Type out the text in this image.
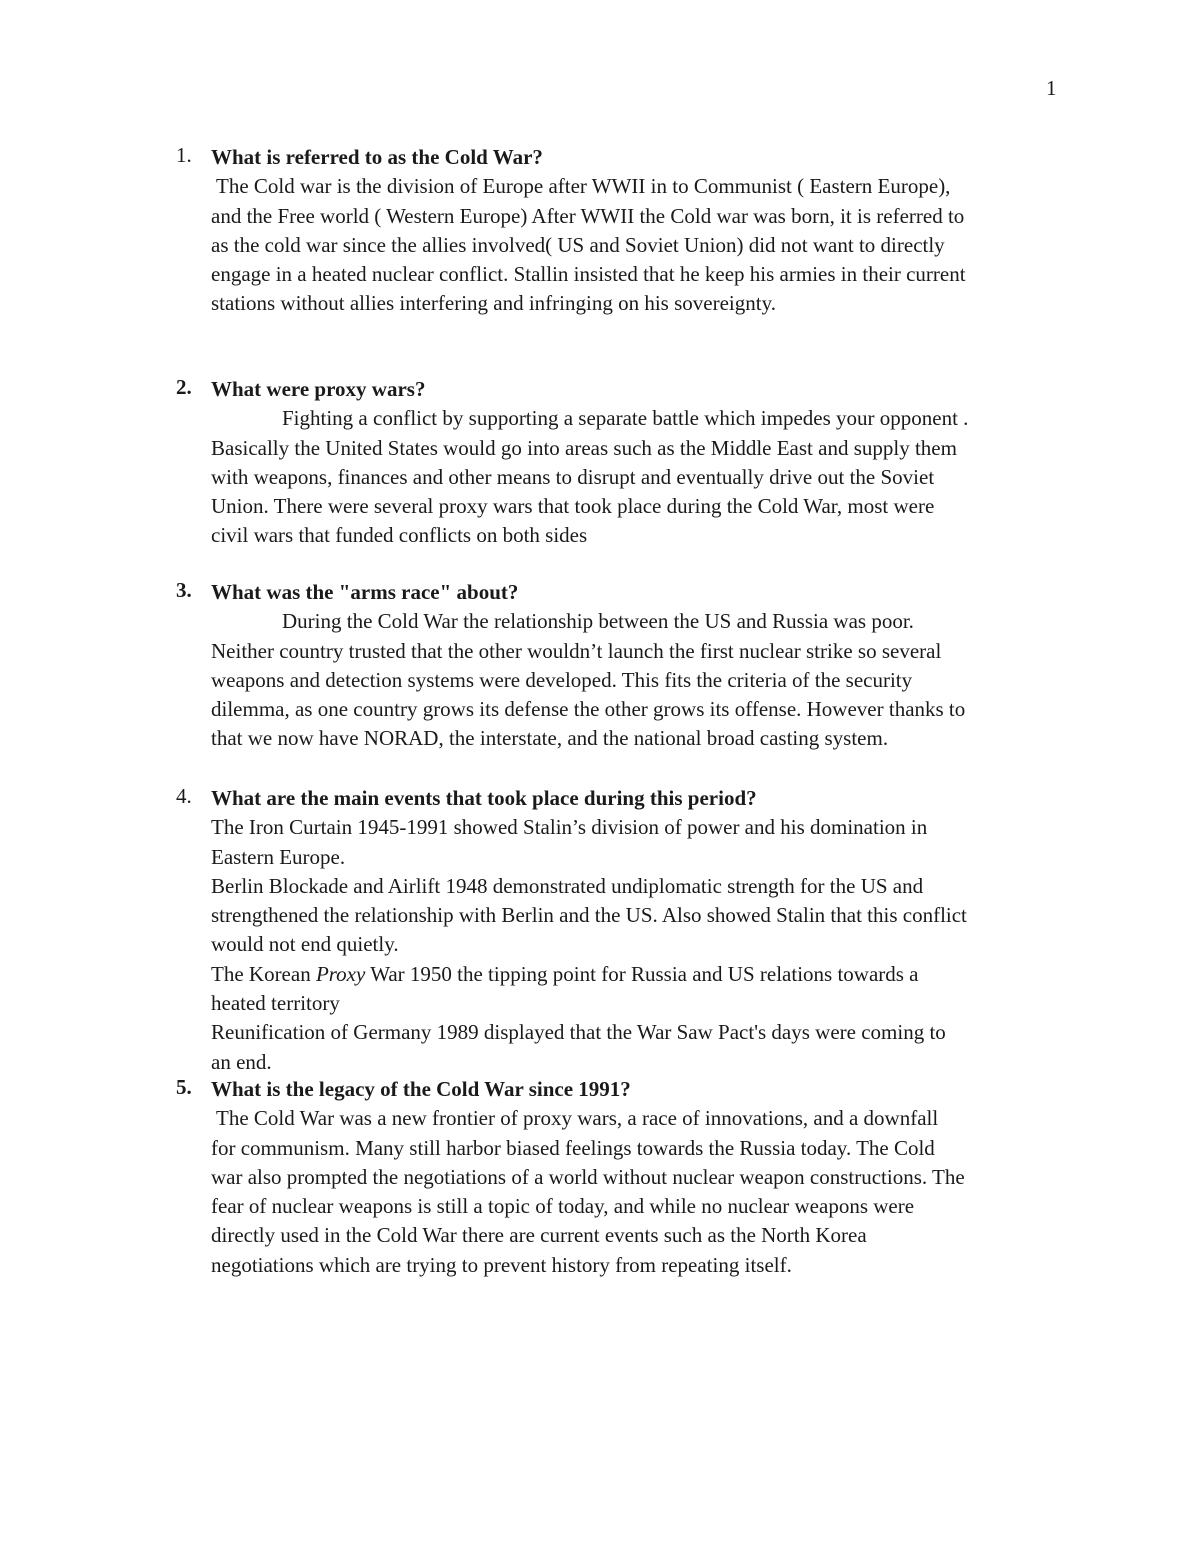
1
1. What is referred to as the Cold War?
The Cold war is the division of Europe after WWII in to Communist ( Eastern Europe),
and the Free world ( Western Europe) After WWII the Cold war was born, it is referred to
as the cold war since the allies involved( US and Soviet Union) did not want to directly
engage in a heated nuclear conflict. Stallin insisted that he keep his armies in their current
stations without allies interfering and infringing on his sovereignty.
2. What were proxy wars?
Fighting a conflict by supporting a separate battle which impedes your opponent .
Basically the United States would go into areas such as the Middle East and supply them
with weapons, finances and other means to disrupt and eventually drive out the Soviet
Union. There were several proxy wars that took place during the Cold War, most were
civil wars that funded conflicts on both sides
3. What was the "arms race" about?
During the Cold War the relationship between the US and Russia was poor.
Neither country trusted that the other wouldn’t launch the first nuclear strike so several
weapons and detection systems were developed. This fits the criteria of the security
dilemma, as one country grows its defense the other grows its offense. However thanks to
that we now have NORAD, the interstate, and the national broad casting system.
4. What are the main events that took place during this period?
The Iron Curtain 1945-1991 showed Stalin’s division of power and his domination in
Eastern Europe.
Berlin Blockade and Airlift 1948 demonstrated undiplomatic strength for the US and
strengthened the relationship with Berlin and the US. Also showed Stalin that this conflict
would not end quietly.
The Korean Proxy War 1950 the tipping point for Russia and US relations towards a
heated territory
Reunification of Germany 1989 displayed that the War Saw Pact's days were coming to
an end.
5. What is the legacy of the Cold War since 1991?
The Cold War was a new frontier of proxy wars, a race of innovations, and a downfall
for communism. Many still harbor biased feelings towards the Russia today. The Cold
war also prompted the negotiations of a world without nuclear weapon constructions. The
fear of nuclear weapons is still a topic of today, and while no nuclear weapons were
directly used in the Cold War there are current events such as the North Korea
negotiations which are trying to prevent history from repeating itself.
